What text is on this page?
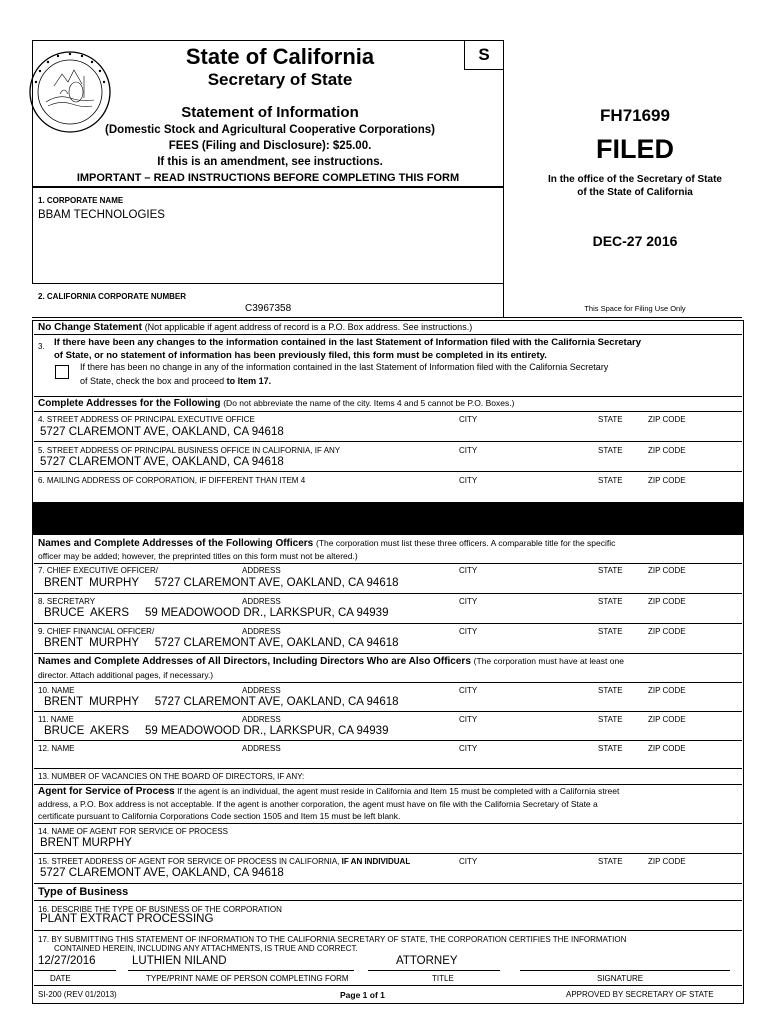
S
State of California
Secretary of State
Statement of Information
(Domestic Stock and Agricultural Cooperative Corporations)
FEES (Filing and Disclosure): $25.00.
If this is an amendment, see instructions.
IMPORTANT – READ INSTRUCTIONS BEFORE COMPLETING THIS FORM
FH71699
FILED
In the office of the Secretary of State
of the State of California
DEC-27 2016
This Space for Filing Use Only
1. CORPORATE NAME
BBAM TECHNOLOGIES
2. CALIFORNIA CORPORATE NUMBER
C3967358
No Change Statement (Not applicable if agent address of record is a P.O. Box address. See instructions.)
3. If there have been any changes to the information contained in the last Statement of Information filed with the California Secretary
of State, or no statement of information has been previously filed, this form must be completed in its entirety.
If there has been no change in any of the information contained in the last Statement of Information filed with the California Secretary
of State, check the box and proceed to Item 17.
Complete Addresses for the Following (Do not abbreviate the name of the city. Items 4 and 5 cannot be P.O. Boxes.)
4. STREET ADDRESS OF PRINCIPAL EXECUTIVE OFFICE	CITY	STATE	ZIP CODE
5727 CLAREMONT AVE, OAKLAND, CA 94618
5. STREET ADDRESS OF PRINCIPAL BUSINESS OFFICE IN CALIFORNIA, IF ANY	CITY	STATE	ZIP CODE
5727 CLAREMONT AVE, OAKLAND, CA 94618
6. MAILING ADDRESS OF CORPORATION, IF DIFFERENT THAN ITEM 4	CITY	STATE	ZIP CODE
Names and Complete Addresses of the Following Officers (The corporation must list these three officers. A comparable title for the specific
officer may be added; however, the preprinted titles on this form must not be altered.)
7. CHIEF EXECUTIVE OFFICER/	ADDRESS	CITY	STATE	ZIP CODE
BRENT  MURPHY     5727 CLAREMONT AVE, OAKLAND, CA 94618
8. SECRETARY	ADDRESS	CITY	STATE	ZIP CODE
BRUCE  AKERS     59 MEADOWOOD DR., LARKSPUR, CA 94939
9. CHIEF FINANCIAL OFFICER/	ADDRESS	CITY	STATE	ZIP CODE
BRENT  MURPHY     5727 CLAREMONT AVE, OAKLAND, CA 94618
Names and Complete Addresses of All Directors, Including Directors Who are Also Officers (The corporation must have at least one
director. Attach additional pages, if necessary.)
10. NAME	ADDRESS	CITY	STATE	ZIP CODE
BRENT  MURPHY     5727 CLAREMONT AVE, OAKLAND, CA 94618
11. NAME	ADDRESS	CITY	STATE	ZIP CODE
BRUCE  AKERS     59 MEADOWOOD DR., LARKSPUR, CA 94939
12. NAME	ADDRESS	CITY	STATE	ZIP CODE
13. NUMBER OF VACANCIES ON THE BOARD OF DIRECTORS, IF ANY:
Agent for Service of Process If the agent is an individual, the agent must reside in California and Item 15 must be completed with a California street
address, a P.O. Box address is not acceptable. If the agent is another corporation, the agent must have on file with the California Secretary of State a
certificate pursuant to California Corporations Code section 1505 and Item 15 must be left blank.
14. NAME OF AGENT FOR SERVICE OF PROCESS
BRENT MURPHY
15. STREET ADDRESS OF AGENT FOR SERVICE OF PROCESS IN CALIFORNIA, IF AN INDIVIDUAL	CITY	STATE	ZIP CODE
5727 CLAREMONT AVE, OAKLAND, CA 94618
Type of Business
16. DESCRIBE THE TYPE OF BUSINESS OF THE CORPORATION
PLANT EXTRACT PROCESSING
17. BY SUBMITTING THIS STATEMENT OF INFORMATION TO THE CALIFORNIA SECRETARY OF STATE, THE CORPORATION CERTIFIES THE INFORMATION
CONTAINED HEREIN, INCLUDING ANY ATTACHMENTS, IS TRUE AND CORRECT.
12/27/2016	LUTHIEN NILAND	ATTORNEY
DATE	TYPE/PRINT NAME OF PERSON COMPLETING FORM	TITLE	SIGNATURE
SI-200 (REV 01/2013)	Page 1 of 1	APPROVED BY SECRETARY OF STATE
